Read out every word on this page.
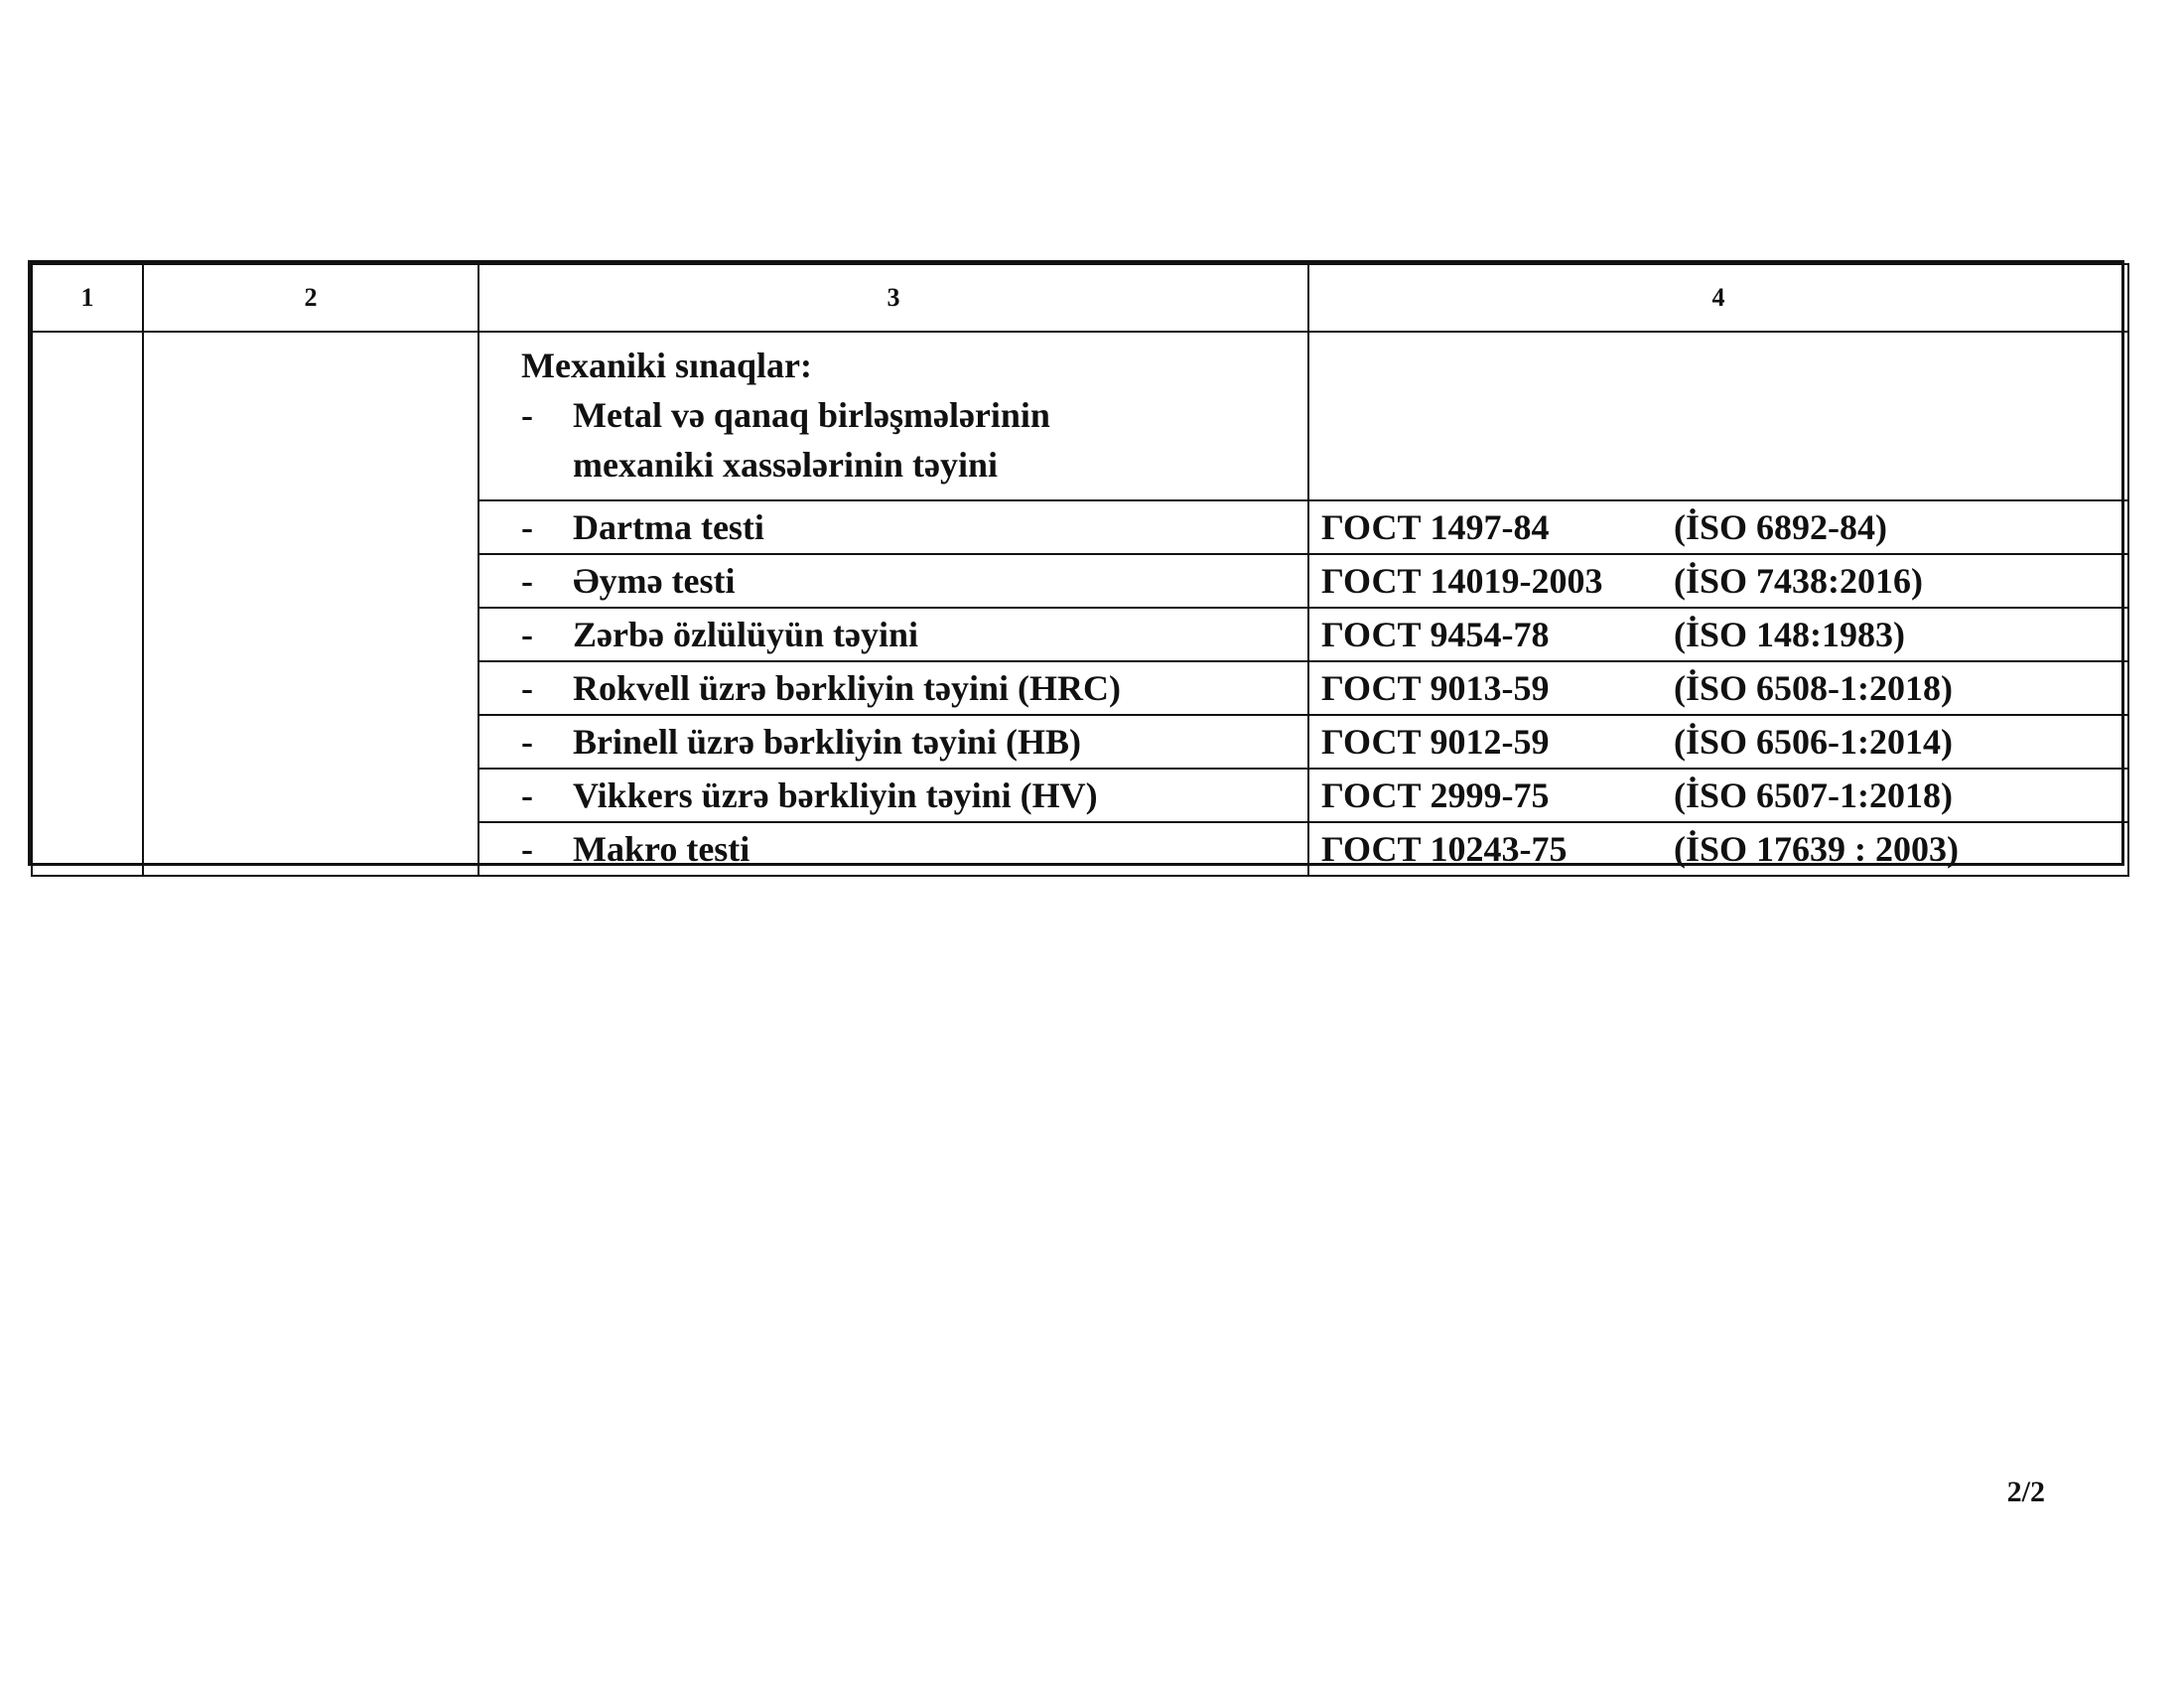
1	2	3	4

		Mexaniki sınaqlar:
- Metal və qanaq birləşmələrinin
mexaniki xassələrinin təyini	

		- Dartma testi	ГОСТ 1497-84 (İSO 6892-84)
		- Əymə testi	ГОСТ 14019-2003 (İSO 7438:2016)
		- Zərbə özlülüyün təyini	ГОСТ 9454-78 (İSO 148:1983)
		- Rokvell üzrə bərkliyin təyini (HRC)	ГОСТ 9013-59 (İSO 6508-1:2018)
		- Brinell üzrə bərkliyin təyini (HB)	ГОСТ 9012-59 (İSO 6506-1:2014)
		- Vikkers üzrə bərkliyin təyini (HV)	ГОСТ 2999-75 (İSO 6507-1:2018)
		- Makro testi	ГОСТ 10243-75 (İSO 17639 : 2003)
2/2
